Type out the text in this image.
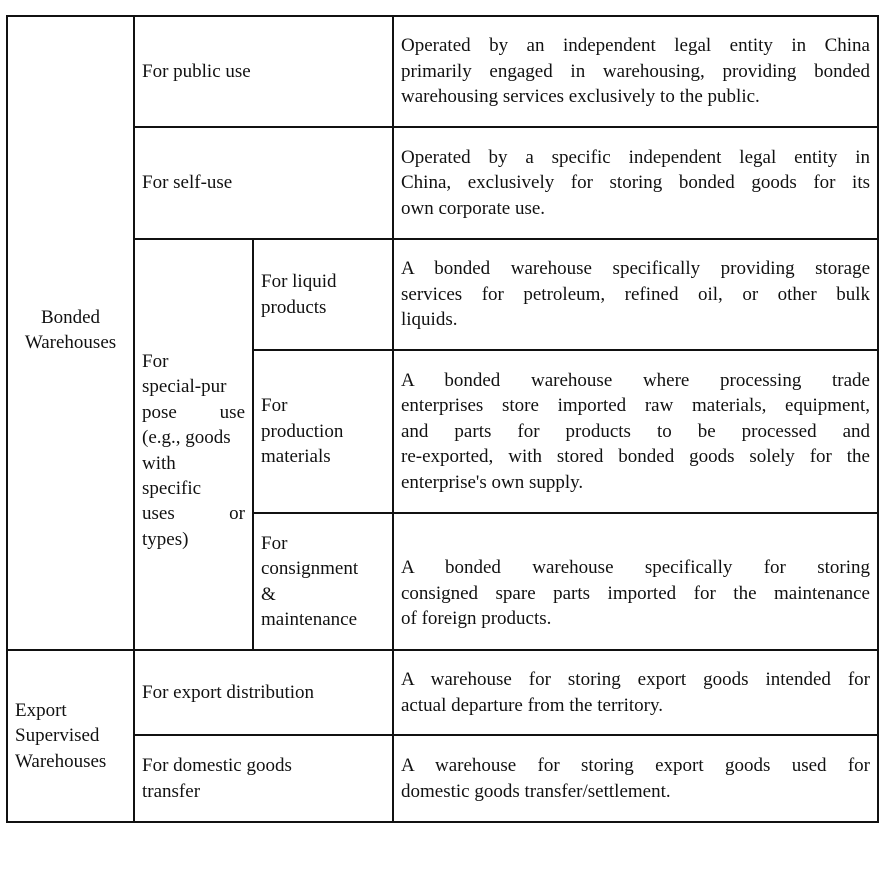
Bonded
Warehouses
For public use
Operated by an independent legal entity in China
primarily engaged in warehousing, providing bonded
warehousing services exclusively to the public.
For self-use
Operated by a specific independent legal entity in
China, exclusively for storing bonded goods for its
own corporate use.
For
special-pur
pose use
(e.g., goods
with
specific
uses or
types)
For liquid
products
A bonded warehouse specifically providing storage
services for petroleum, refined oil, or other bulk
liquids.
For
production
materials
A bonded warehouse where processing trade
enterprises store imported raw materials, equipment,
and parts for products to be processed and
re-exported, with stored bonded goods solely for the
enterprise's own supply.
For
consignment
&
maintenance
A bonded warehouse specifically for storing
consigned spare parts imported for the maintenance
of foreign products.
Export
Supervised
Warehouses
For export distribution
A warehouse for storing export goods intended for
actual departure from the territory.
For domestic goods
transfer
A warehouse for storing export goods used for
domestic goods transfer/settlement.
